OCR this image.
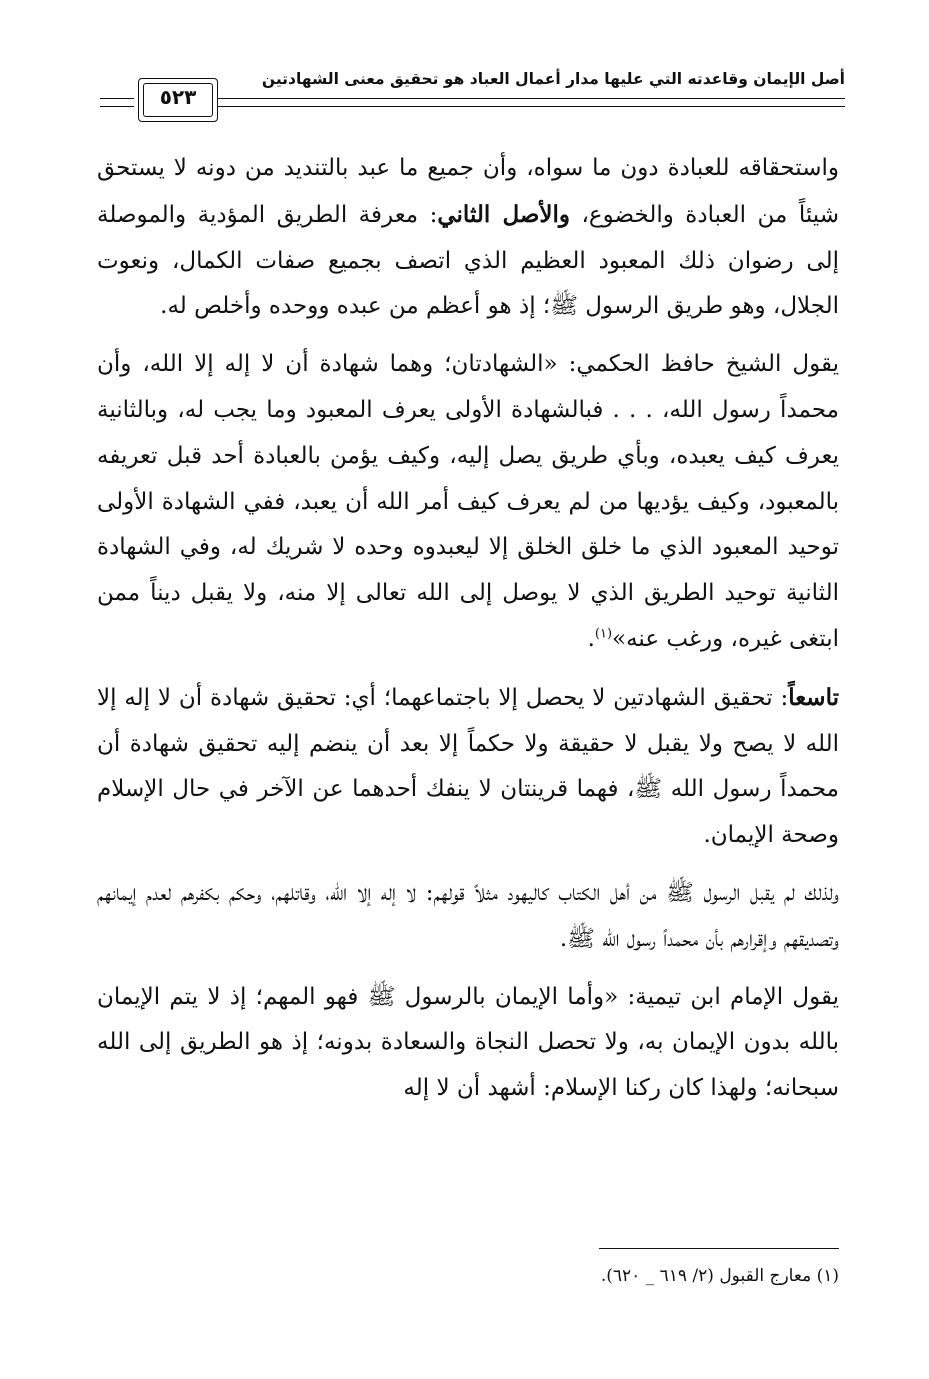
أصل الإيمان وقاعدته التي عليها مدار أعمال العباد هو تحقيق معنى الشهادتين
٥٢٣

واستحقاقه للعبادة دون ما سواه، وأن جميع ما عبد بالتنديد من دونه لا يستحق شيئاً من العبادة والخضوع، والأصل الثاني: معرفة الطريق المؤدية والموصلة إلى رضوان ذلك المعبود العظيم الذي اتصف بجميع صفات الكمال، ونعوت الجلال، وهو طريق الرسول ﷺ؛ إذ هو أعظم من عبده ووحده وأخلص له.

يقول الشيخ حافظ الحكمي: «الشهادتان؛ وهما شهادة أن لا إله إلا الله، وأن محمداً رسول الله، . . . فبالشهادة الأولى يعرف المعبود وما يجب له، وبالثانية يعرف كيف يعبده، وبأي طريق يصل إليه، وكيف يؤمن بالعبادة أحد قبل تعريفه بالمعبود، وكيف يؤديها من لم يعرف كيف أمر الله أن يعبد، ففي الشهادة الأولى توحيد المعبود الذي ما خلق الخلق إلا ليعبدوه وحده لا شريك له، وفي الشهادة الثانية توحيد الطريق الذي لا يوصل إلى الله تعالى إلا منه، ولا يقبل ديناً ممن ابتغى غيره، ورغب عنه»$^{(١)}$.

تاسعاً: تحقيق الشهادتين لا يحصل إلا باجتماعهما؛ أي: تحقيق شهادة أن لا إله إلا الله لا يصح ولا يقبل لا حقيقة ولا حكماً إلا بعد أن ينضم إليه تحقيق شهادة أن محمداً رسول الله ﷺ، فهما قرينتان لا ينفك أحدهما عن الآخر في حال الإسلام وصحة الإيمان.

ولذلك لم يقبل الرسول ﷺ من أهل الكتاب كاليهود مثلاً قولهم: لا إله إلا الله، وقاتلهم، وحكم بكفرهم لعدم إيمانهم وتصديقهم وإقرارهم بأن محمداً رسول الله ﷺ.

يقول الإمام ابن تيمية: «وأما الإيمان بالرسول ﷺ فهو المهم؛ إذ لا يتم الإيمان بالله بدون الإيمان به، ولا تحصل النجاة والسعادة بدونه؛ إذ هو الطريق إلى الله سبحانه؛ ولهذا كان ركنا الإسلام: أشهد أن لا إله

(١) معارج القبول (٢/ ٦١٩ _ ٦٢٠).
